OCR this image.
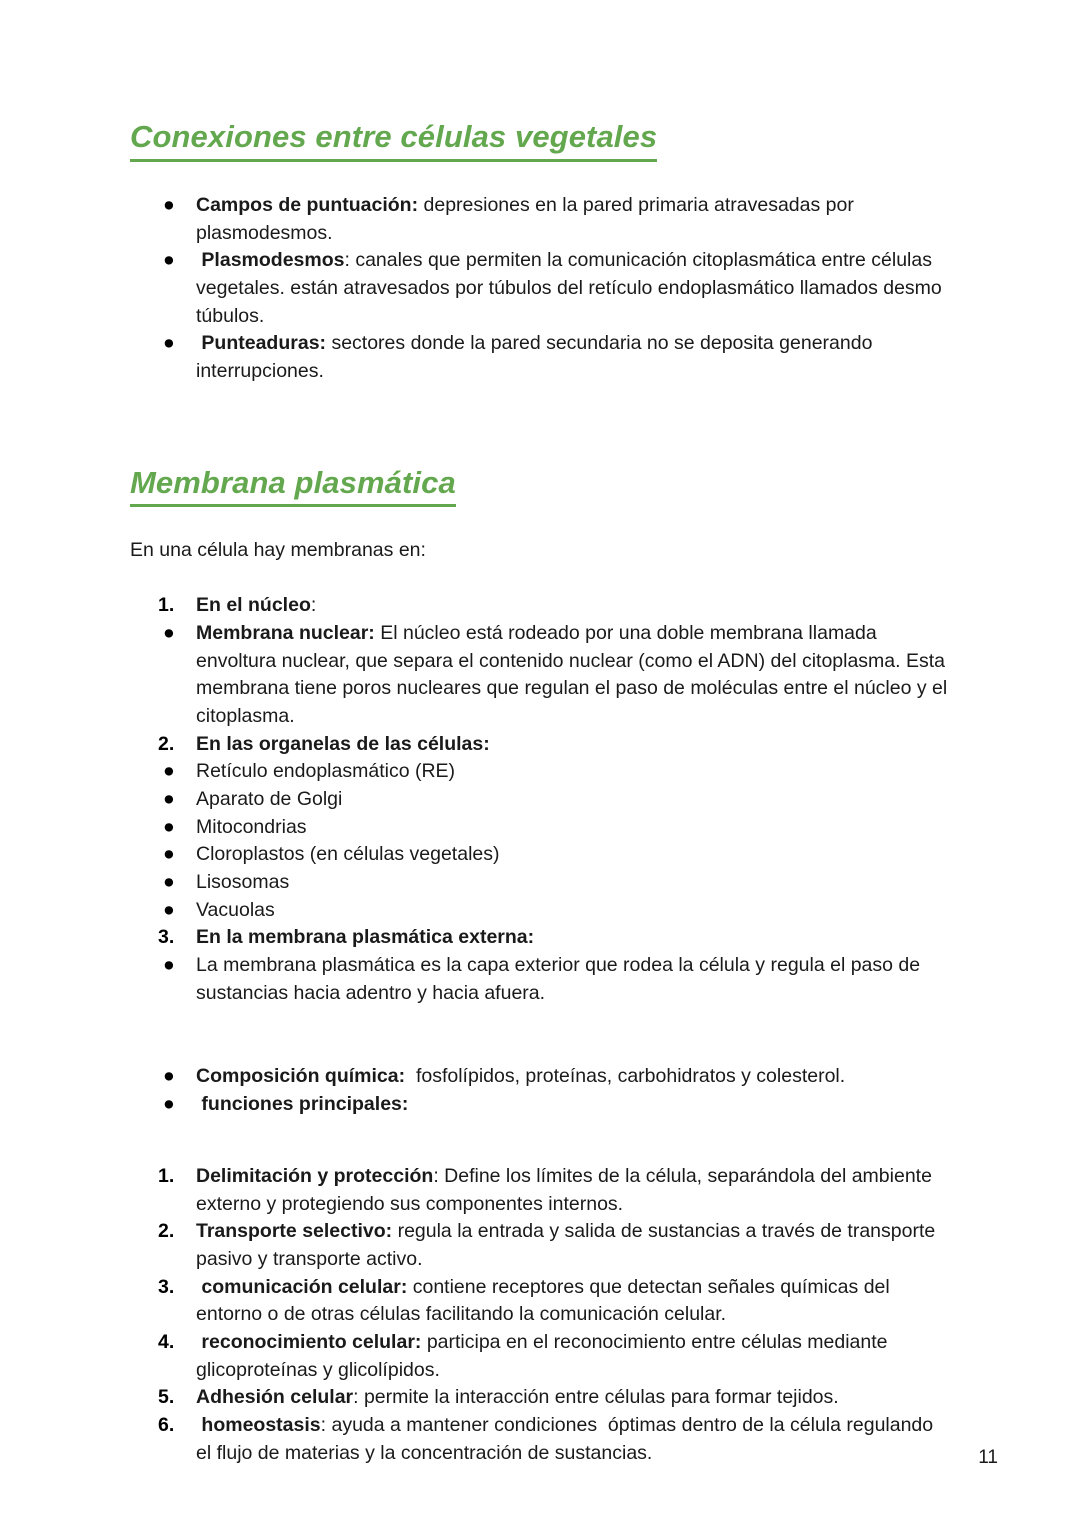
Conexiones entre células vegetales
●	Campos de puntuación: depresiones en la pared primaria atravesadas por plasmodesmos.
●	Plasmodesmos: canales que permiten la comunicación citoplasmática entre células vegetales. están atravesados por túbulos del retículo endoplasmático llamados desmo túbulos.
●	Punteaduras: sectores donde la pared secundaria no se deposita generando interrupciones.
Membrana plasmática

En una célula hay membranas en:

1.	En el núcleo:
●	Membrana nuclear: El núcleo está rodeado por una doble membrana llamada envoltura nuclear, que separa el contenido nuclear (como el ADN) del citoplasma. Esta membrana tiene poros nucleares que regulan el paso de moléculas entre el núcleo y el citoplasma.
2.	En las organelas de las células:
●	Retículo endoplasmático (RE)
●	Aparato de Golgi
●	Mitocondrias
●	Cloroplastos (en células vegetales)
●	Lisosomas
●	Vacuolas
3.	En la membrana plasmática externa:
●	La membrana plasmática es la capa exterior que rodea la célula y regula el paso de sustancias hacia adentro y hacia afuera.
●	Composición química:  fosfolípidos, proteínas, carbohidratos y colesterol.
●	funciones principales:
1.	Delimitación y protección: Define los límites de la célula, separándola del ambiente externo y protegiendo sus componentes internos.
2.	Transporte selectivo: regula la entrada y salida de sustancias a través de transporte pasivo y transporte activo.
3.	comunicación celular: contiene receptores que detectan señales químicas del entorno o de otras células facilitando la comunicación celular.
4.	reconocimiento celular: participa en el reconocimiento entre células mediante glicoproteínas y glicolípidos.
5.	Adhesión celular: permite la interacción entre células para formar tejidos.
6.	homeostasis: ayuda a mantener condiciones  óptimas dentro de la célula regulando el flujo de materias y la concentración de sustancias.	11
